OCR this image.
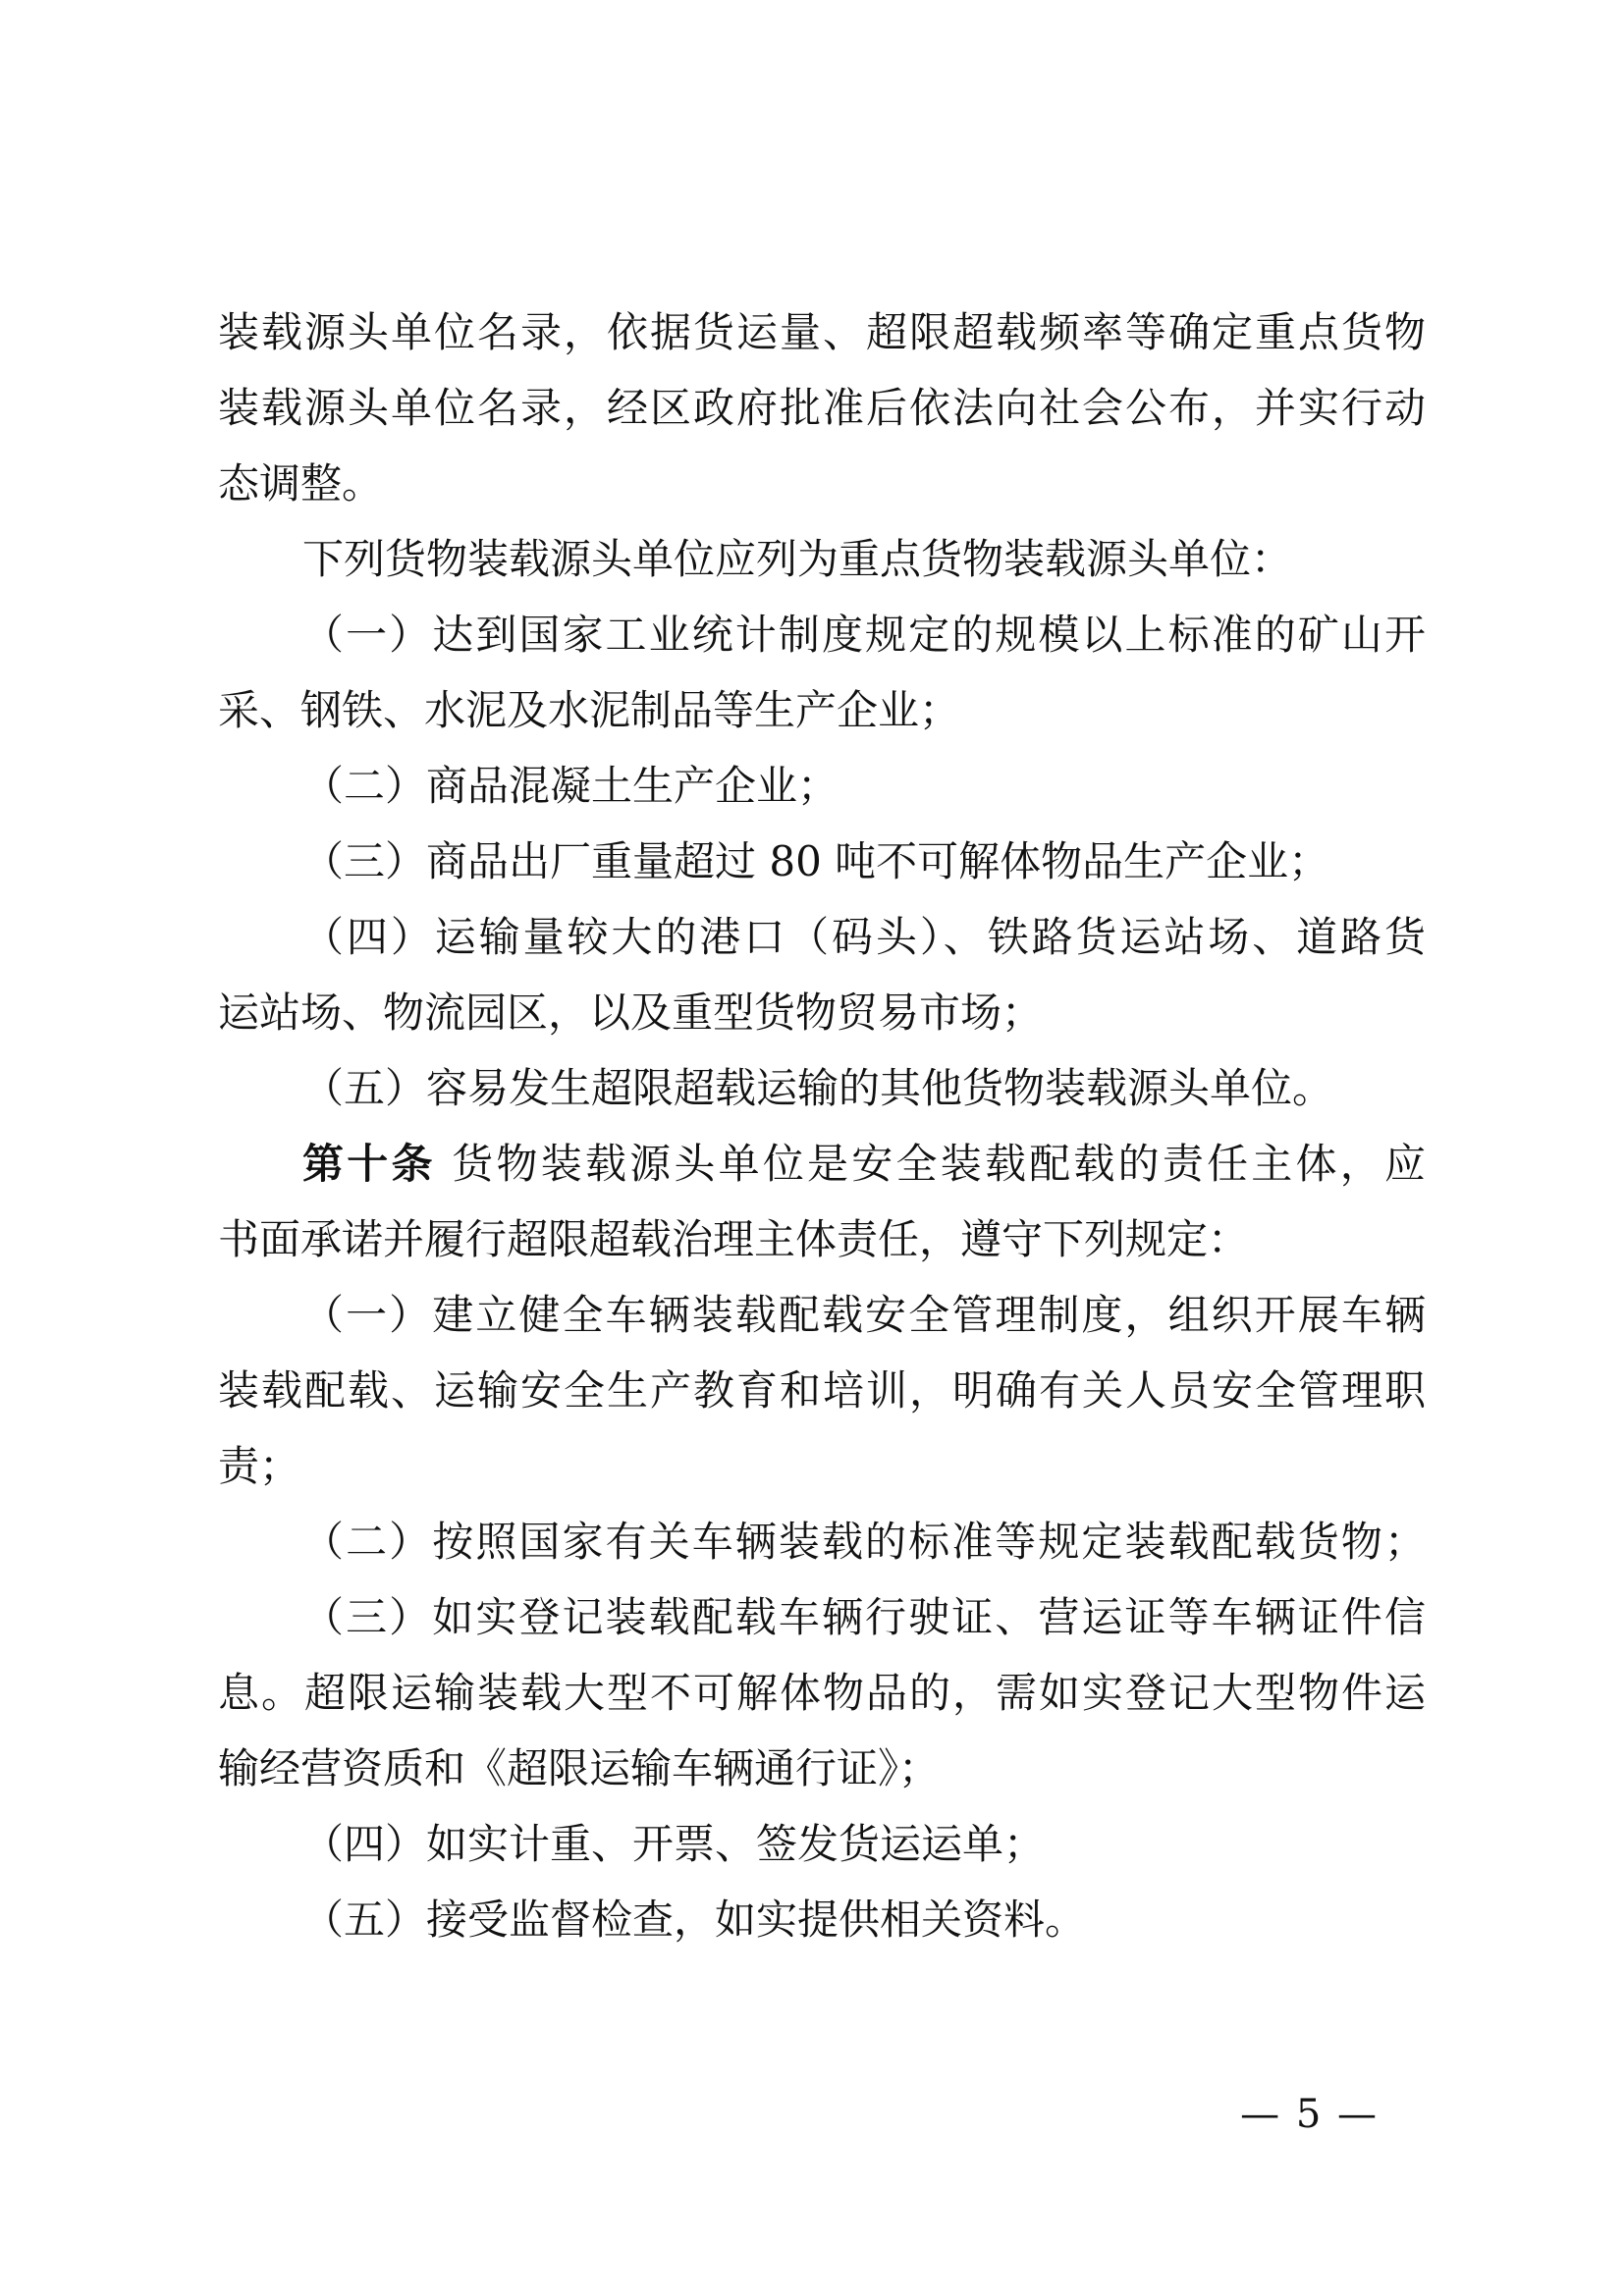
装载源头单位名录，依据货运量、超限超载频率等确定重点货物
装载源头单位名录，经区政府批准后依法向社会公布，并实行动
态调整。
下列货物装载源头单位应列为重点货物装载源头单位：
（一）达到国家工业统计制度规定的规模以上标准的矿山开
采、钢铁、水泥及水泥制品等生产企业；
（二）商品混凝土生产企业；
（三）商品出厂重量超过 80 吨不可解体物品生产企业；
（四）运输量较大的港口（码头）、铁路货运站场、道路货
运站场、物流园区，以及重型货物贸易市场；
（五）容易发生超限超载运输的其他货物装载源头单位。
第十条 货物装载源头单位是安全装载配载的责任主体，应
书面承诺并履行超限超载治理主体责任，遵守下列规定：
（一）建立健全车辆装载配载安全管理制度，组织开展车辆
装载配载、运输安全生产教育和培训，明确有关人员安全管理职
责；
（二）按照国家有关车辆装载的标准等规定装载配载货物；
（三）如实登记装载配载车辆行驶证、营运证等车辆证件信
息。超限运输装载大型不可解体物品的，需如实登记大型物件运
输经营资质和《超限运输车辆通行证》；
（四）如实计重、开票、签发货运运单；
（五）接受监督检查，如实提供相关资料。
— 5 —
